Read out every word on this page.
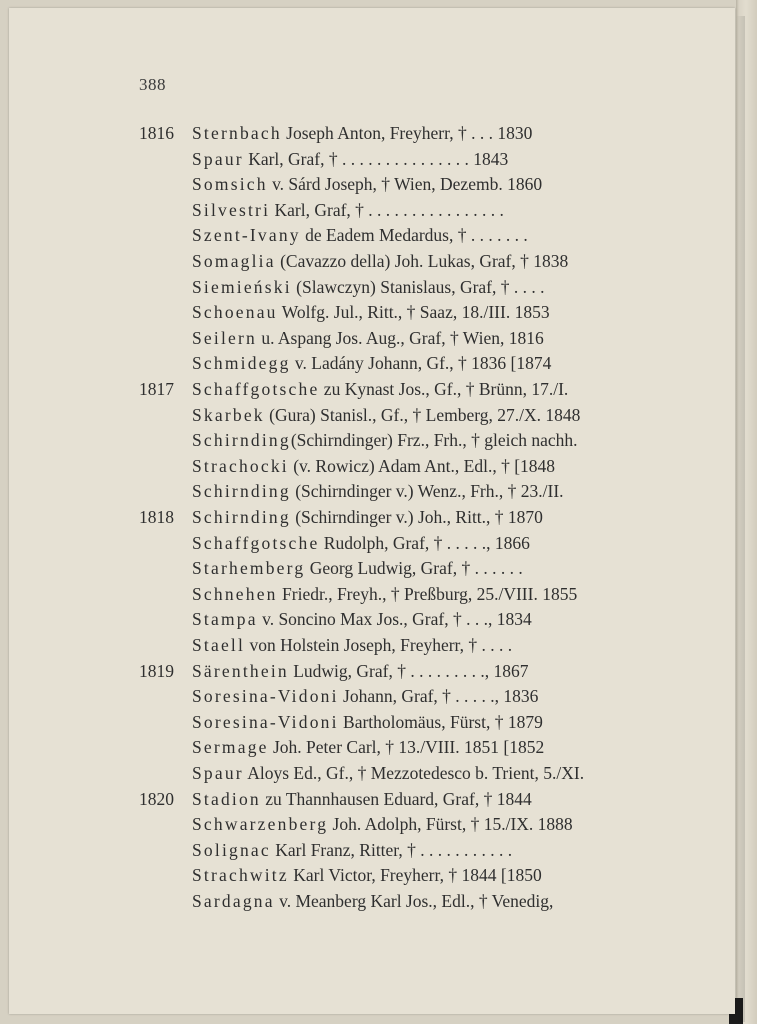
388
1816	Sternbach Joseph Anton, Freyherr, † . . . 1830
Spaur Karl, Graf, † . . . . . . . . . . . . . . . 1843
Somsich v. Sárd Joseph, † Wien, Dezemb. 1860
Silvestri Karl, Graf, † . . . . . . . . . . . . . . . .
Szent-Ivany de Eadem Medardus, † . . . . . . .
Somaglia (Cavazzo della) Joh. Lukas, Graf, † 1838
Siemieński (Slawczyn) Stanislaus, Graf, † . . . .
Schoenau Wolfg. Jul., Ritt., † Saaz, 18./III. 1853
Seilern u. Aspang Jos. Aug., Graf, † Wien, 1816
Schmidegg v. Ladány Johann, Gf., † 1836 [1874
1817	Schaffgotsche zu Kynast Jos., Gf., † Brünn, 17./I.
Skarbek (Gura) Stanisl., Gf., † Lemberg, 27./X. 1848
Schirnding(Schirndinger) Frz., Frh., † gleich nachh.
Strachocki (v. Rowicz) Adam Ant., Edl., † [1848
Schirnding (Schirndinger v.) Wenz., Frh., † 23./II.
1818	Schirnding (Schirndinger v.) Joh., Ritt., † 1870
Schaffgotsche Rudolph, Graf, † . . . . ., 1866
Starhemberg Georg Ludwig, Graf, † . . . . . .
Schnehen Friedr., Freyh., † Preßburg, 25./VIII. 1855
Stampa v. Soncino Max Jos., Graf, † . . ., 1834
Staell von Holstein Joseph, Freyherr, † . . . .
1819	Särenthein Ludwig, Graf, † . . . . . . . . ., 1867
Soresina-Vidoni Johann, Graf, † . . . . ., 1836
Soresina-Vidoni Bartholomäus, Fürst, † 1879
Sermage Joh. Peter Carl, † 13./VIII. 1851 [1852
Spaur Aloys Ed., Gf., † Mezzotedesco b. Trient, 5./XI.
1820	Stadion zu Thannhausen Eduard, Graf, † 1844
Schwarzenberg Joh. Adolph, Fürst, † 15./IX. 1888
Solignac Karl Franz, Ritter, † . . . . . . . . . . .
Strachwitz Karl Victor, Freyherr, † 1844 [1850
Sardagna v. Meanberg Karl Jos., Edl., † Venedig,
